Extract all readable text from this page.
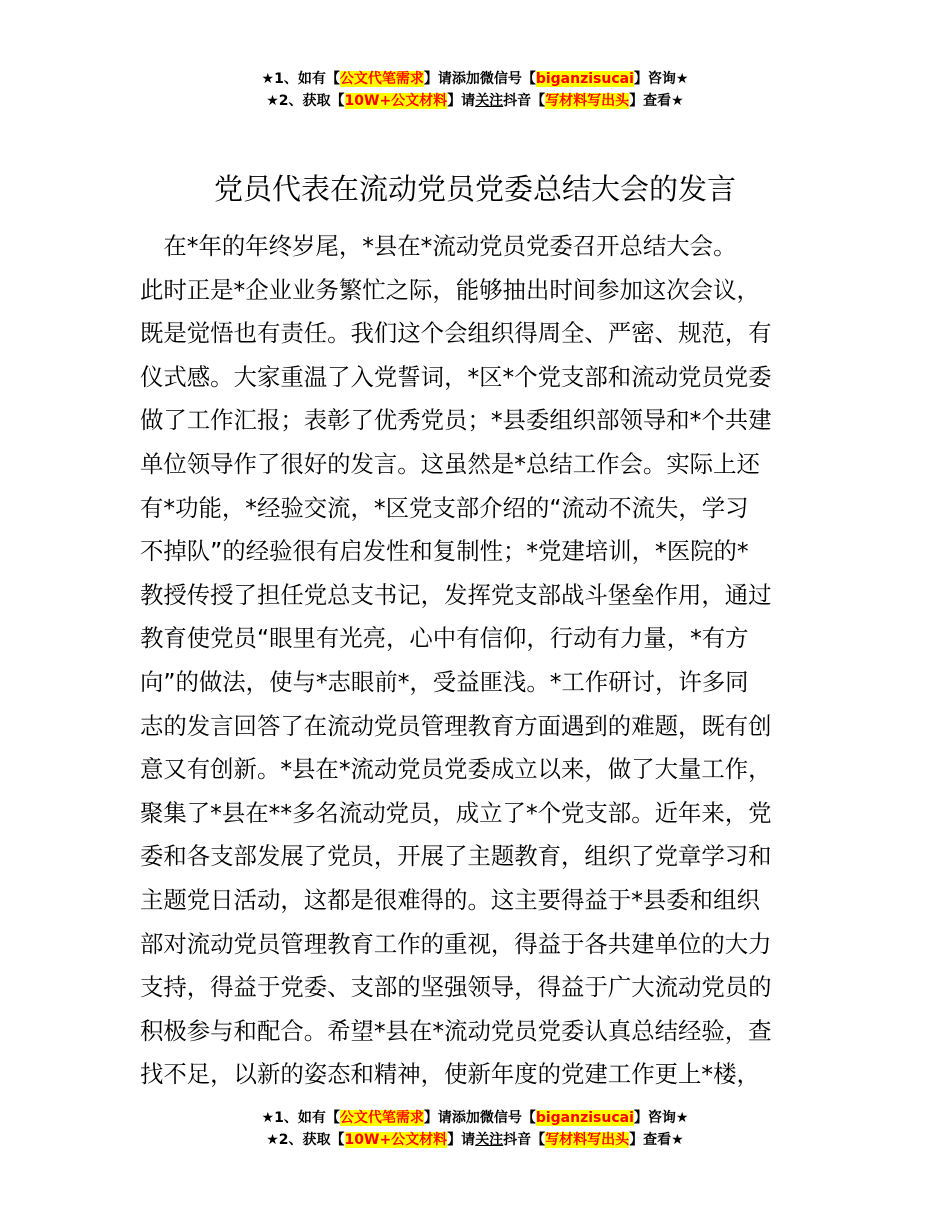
★1、如有【公文代笔需求】请添加微信号【biganzisucai】咨询★
★2、获取【10W+公文材料】请关注抖音【写材料写出头】查看★
党员代表在流动党员党委总结大会的发言
　在*年的年终岁尾，*县在*流动党员党委召开总结大会。
此时正是*企业业务繁忙之际，能够抽出时间参加这次会议，
既是觉悟也有责任。我们这个会组织得周全、严密、规范，有
仪式感。大家重温了入党誓词，*区*个党支部和流动党员党委
做了工作汇报；表彰了优秀党员；*县委组织部领导和*个共建
单位领导作了很好的发言。这虽然是*总结工作会。实际上还
有*功能，*经验交流，*区党支部介绍的“流动不流失，学习
不掉队”的经验很有启发性和复制性；*党建培训，*医院的*
教授传授了担任党总支书记，发挥党支部战斗堡垒作用，通过
教育使党员“眼里有光亮，心中有信仰，行动有力量，*有方
向”的做法，使与*志眼前*，受益匪浅。*工作研讨，许多同
志的发言回答了在流动党员管理教育方面遇到的难题，既有创
意又有创新。*县在*流动党员党委成立以来，做了大量工作，
聚集了*县在**多名流动党员，成立了*个党支部。近年来，党
委和各支部发展了党员，开展了主题教育，组织了党章学习和
主题党日活动，这都是很难得的。这主要得益于*县委和组织
部对流动党员管理教育工作的重视，得益于各共建单位的大力
支持，得益于党委、支部的坚强领导，得益于广大流动党员的
积极参与和配合。希望*县在*流动党员党委认真总结经验，查
找不足，以新的姿态和精神，使新年度的党建工作更上*楼，
★1、如有【公文代笔需求】请添加微信号【biganzisucai】咨询★
★2、获取【10W+公文材料】请关注抖音【写材料写出头】查看★
